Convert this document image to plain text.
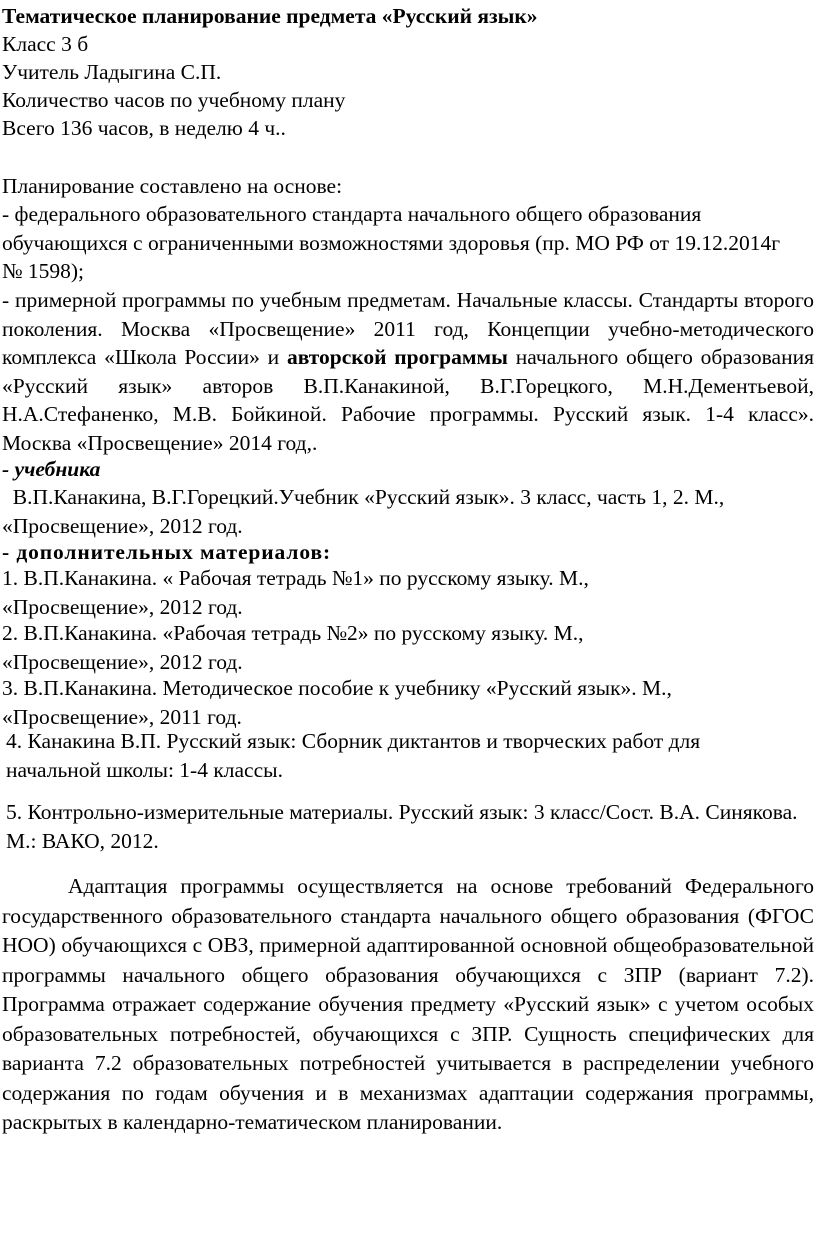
Тематическое планирование предмета «Русский язык»

Класс 3 б

Учитель Ладыгина С.П.

Количество часов по учебному плану

Всего 136 часов, в неделю 4 ч..

Планирование составлено на основе:

- федерального образовательного стандарта начального общего образования обучающихся с ограниченными возможностями здоровья (пр. МО РФ от 19.12.2014г № 1598);

- примерной программы по учебным предметам. Начальные классы. Стандарты второго поколения. Москва «Просвещение» 2011 год, Концепции учебно-методического комплекса «Школа России» и авторской программы начального общего образования «Русский язык» авторов В.П.Канакиной, В.Г.Горецкого, М.Н.Дементьевой, Н.А.Стефаненко, М.В. Бойкиной. Рабочие программы. Русский язык. 1-4 класс». Москва «Просвещение» 2014 год,.

- учебника

В.П.Канакина, В.Г.Горецкий.Учебник «Русский язык». 3 класс, часть 1, 2. М., «Просвещение», 2012 год.

- дополнительных материалов:

1. В.П.Канакина. « Рабочая тетрадь №1» по русскому языку. М., «Просвещение», 2012 год.

2. В.П.Канакина. «Рабочая тетрадь №2» по русскому языку. М., «Просвещение», 2012 год.

3. В.П.Канакина. Методическое пособие к учебнику «Русский язык». М., «Просвещение», 2011 год.

4. Канакина В.П. Русский язык: Сборник диктантов и творческих работ для начальной школы: 1-4 классы.

5. Контрольно-измерительные материалы. Русский язык: 3 класс/Сост. В.А. Синякова. М.: ВАКО, 2012.

Адаптация программы осуществляется на основе требований Федерального государственного образовательного стандарта начального общего образования (ФГОС НОО) обучающихся с ОВЗ, примерной адаптированной основной общеобразовательной программы начального общего образования обучающихся с ЗПР (вариант 7.2). Программа отражает содержание обучения предмету «Русский язык» с учетом особых образовательных потребностей, обучающихся с ЗПР. Сущность специфических для варианта 7.2 образовательных потребностей учитывается в распределении учебного содержания по годам обучения и в механизмах адаптации содержания программы, раскрытых в календарно-тематическом планировании.
